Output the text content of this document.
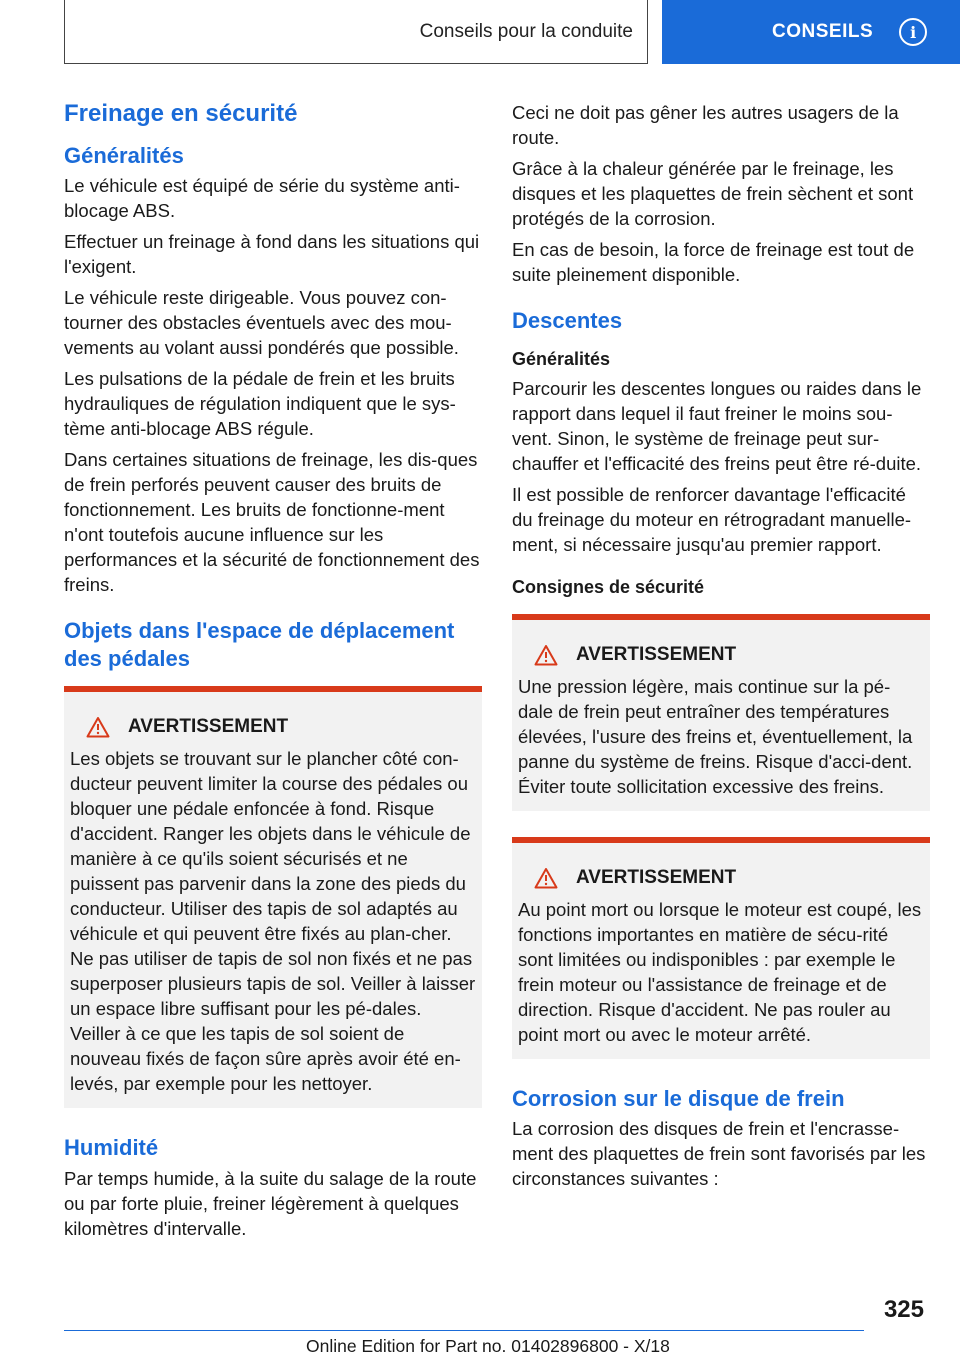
Conseils pour la conduite	CONSEILS	i
Freinage en sécurité
Généralités

Le véhicule est équipé de série du système anti-blocage ABS.

Effectuer un freinage à fond dans les situations qui l'exigent.

Le véhicule reste dirigeable. Vous pouvez con-tourner des obstacles éventuels avec des mou-vements au volant aussi pondérés que possible.

Les pulsations de la pédale de frein et les bruits hydrauliques de régulation indiquent que le sys-tème anti-blocage ABS régule.

Dans certaines situations de freinage, les dis-ques de frein perforés peuvent causer des bruits de fonctionnement. Les bruits de fonctionne-ment n'ont toutefois aucune influence sur les performances et la sécurité de fonctionnement des freins.

Objets dans l'espace de déplacement des pédales
AVERTISSEMENT

Les objets se trouvant sur le plancher côté con-ducteur peuvent limiter la course des pédales ou bloquer une pédale enfoncée à fond. Risque d'accident. Ranger les objets dans le véhicule de manière à ce qu'ils soient sécurisés et ne puissent pas parvenir dans la zone des pieds du conducteur. Utiliser des tapis de sol adaptés au véhicule et qui peuvent être fixés au plan-cher. Ne pas utiliser de tapis de sol non fixés et ne pas superposer plusieurs tapis de sol. Veiller à laisser un espace libre suffisant pour les pé-dales. Veiller à ce que les tapis de sol soient de nouveau fixés de façon sûre après avoir été en-levés, par exemple pour les nettoyer.

Humidité

Par temps humide, à la suite du salage de la route ou par forte pluie, freiner légèrement à quelques kilomètres d'intervalle.

Ceci ne doit pas gêner les autres usagers de la route.

Grâce à la chaleur générée par le freinage, les disques et les plaquettes de frein sèchent et sont protégés de la corrosion.

En cas de besoin, la force de freinage est tout de suite pleinement disponible.

Descentes
Généralités

Parcourir les descentes longues ou raides dans le rapport dans lequel il faut freiner le moins sou-vent. Sinon, le système de freinage peut sur-chauffer et l'efficacité des freins peut être ré-duite.

Il est possible de renforcer davantage l'efficacité du freinage du moteur en rétrogradant manuelle-ment, si nécessaire jusqu'au premier rapport.

Consignes de sécurité
AVERTISSEMENT

Une pression légère, mais continue sur la pé-dale de frein peut entraîner des températures élevées, l'usure des freins et, éventuellement, la panne du système de freins. Risque d'acci-dent. Éviter toute sollicitation excessive des freins.

AVERTISSEMENT

Au point mort ou lorsque le moteur est coupé, les fonctions importantes en matière de sécu-rité sont limitées ou indisponibles : par exemple le frein moteur ou l'assistance de freinage et de direction. Risque d'accident. Ne pas rouler au point mort ou avec le moteur arrêté.

Corrosion sur le disque de frein

La corrosion des disques de frein et l'encrasse-ment des plaquettes de frein sont favorisés par les circonstances suivantes :

325
Online Edition for Part no. 01402896800 - X/18
